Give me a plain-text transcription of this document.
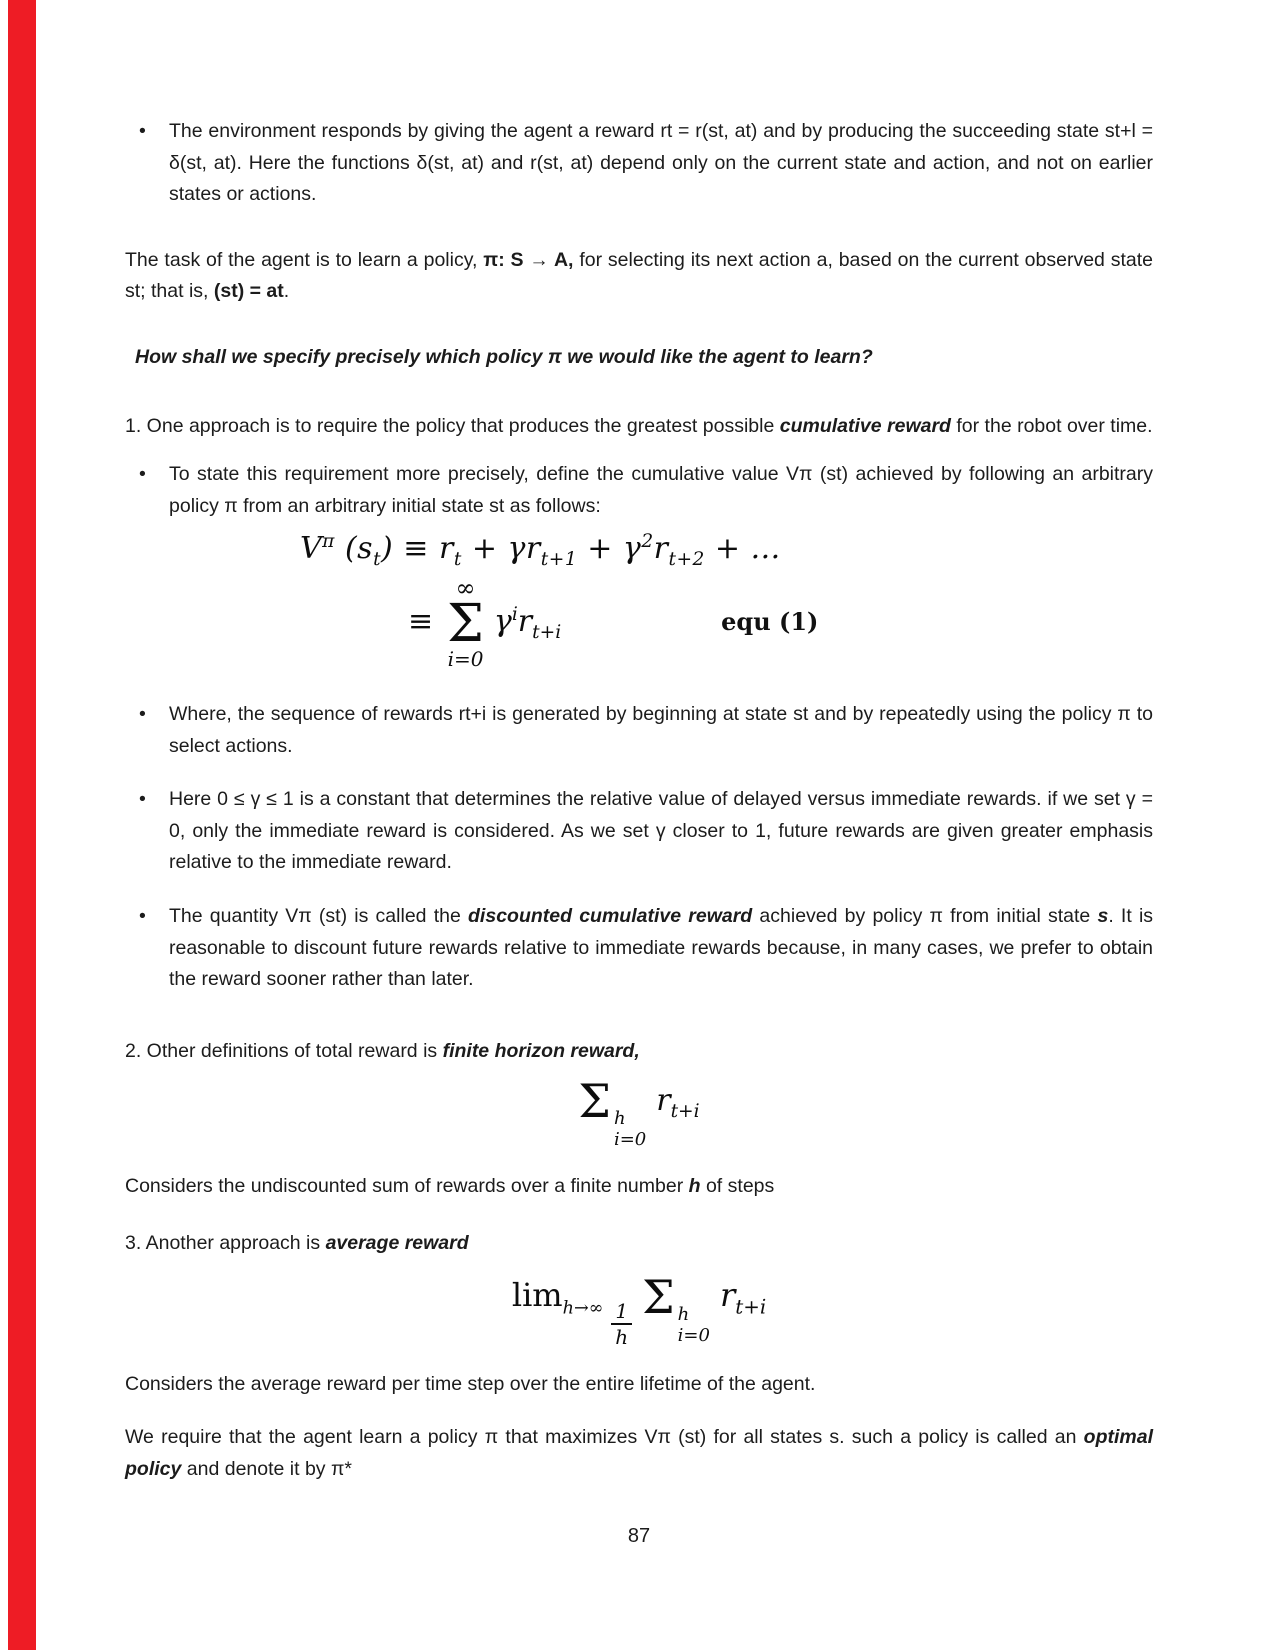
•	The environment responds by giving the agent a reward rt = r(st, at) and by producing the succeeding state st+l = δ(st, at). Here the functions δ(st, at) and r(st, at) depend only on the current state and action, and not on earlier states or actions.
The task of the agent is to learn a policy, π: S → A, for selecting its next action a, based on the current observed state st; that is, (st) = at.
How shall we specify precisely which policy π we would like the agent to learn?
1. One approach is to require the policy that produces the greatest possible cumulative reward for the robot over time.
•	To state this requirement more precisely, define the cumulative value Vπ (st) achieved by following an arbitrary policy π from an arbitrary initial state st as follows:
$V^\pi$ $(s_t) \equiv r_t + \gamma r_{t+1} + \gamma^2r_{t+2}$ + ...
≡
∞
Σ
i=0
$\gamma^ir_{t+i}$	equ (1)
•	Where, the sequence of rewards rt+i is generated by beginning at state st and by repeatedly using the policy π to select actions.
•	Here 0 ≤ γ ≤ 1 is a constant that determines the relative value of delayed versus immediate rewards. if we set γ = 0, only the immediate reward is considered. As we set γ closer to 1, future rewards are given greater emphasis relative to the immediate reward.
•	The quantity Vπ (st) is called the discounted cumulative reward achieved by policy π from initial state s. It is reasonable to discount future rewards relative to immediate rewards because, in many cases, we prefer to obtain the reward sooner rather than later.
2. Other definitions of total reward is finite horizon reward,
Σ h
i=0
$r_{t+i}$
Considers the undiscounted sum of rewards over a finite number h of steps
3. Another approach is average reward
$\lim_{h\to\infty} \frac{1}{h}$ Σ h
i=0
$r_{t+i}$
Considers the average reward per time step over the entire lifetime of the agent.
We require that the agent learn a policy π that maximizes Vπ (st) for all states s. such a policy is called an optimal policy and denote it by π*
87
